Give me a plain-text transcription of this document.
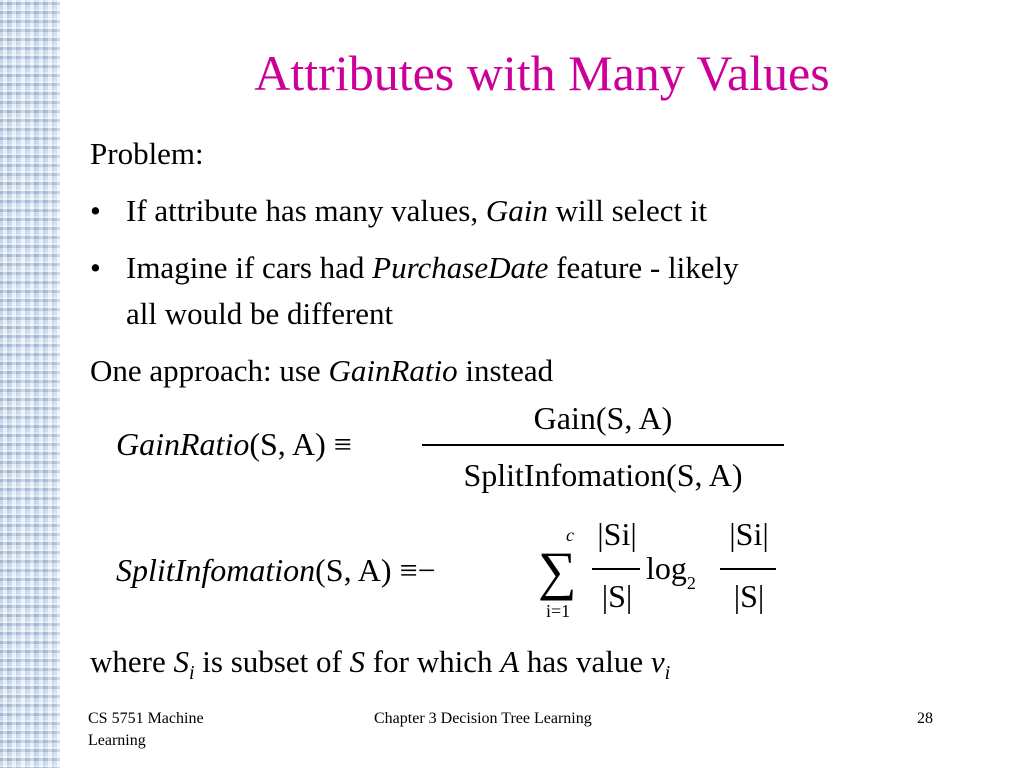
Attributes with Many Values
Problem:
• If attribute has many values, Gain will select it
• Imagine if cars had PurchaseDate feature - likely
all would be different
One approach: use GainRatio instead
GainRatio(S, A) ≡
Gain(S, A)
SplitInfomation(S, A)
SplitInfomation(S, A) ≡−
c
∑
i=1
|Si|
|S|
$\log_2$
|Si|
|S|
where $S_i$ is subset of S for which A has value $v_i$
CS 5751 Machine
Learning
Chapter 3 Decision Tree Learning	28
